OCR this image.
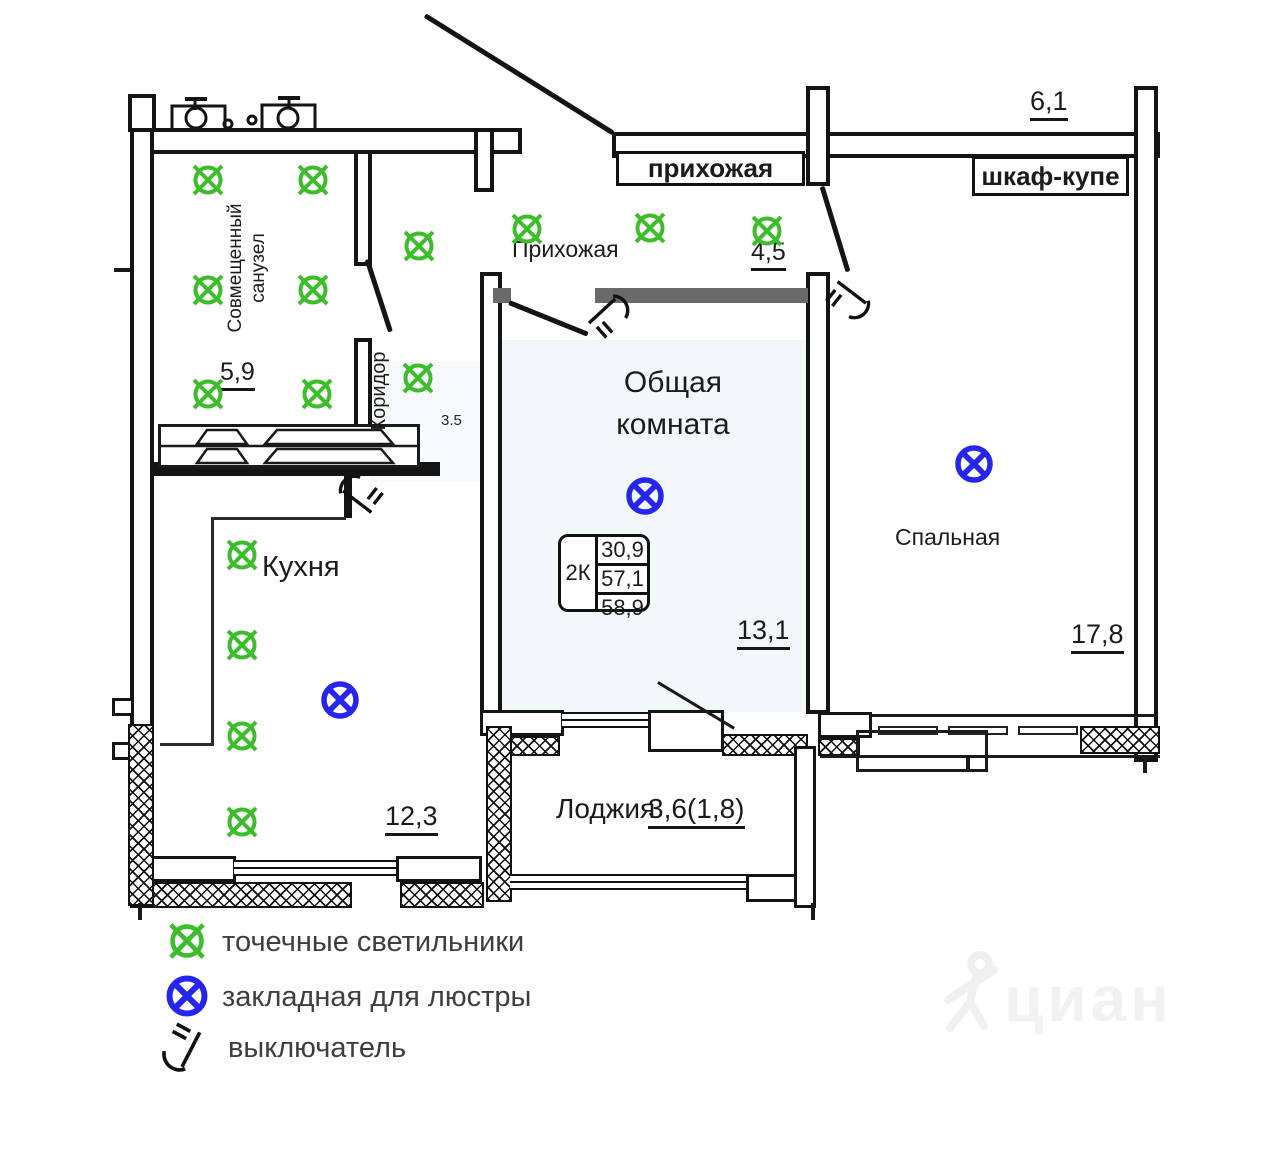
Совмещенный санузел
5,9	Коридор	3.5
Прихожая	4,5
прихожая	шкаф-купе
6,1
Кухня
12,3
Общая
комната
13,1
2К
30,9
57,1
58,9
Спальная
17,8
Лоджия
3,6(1,8)
точечные светильники
закладная для люстры
выключатель
циан
